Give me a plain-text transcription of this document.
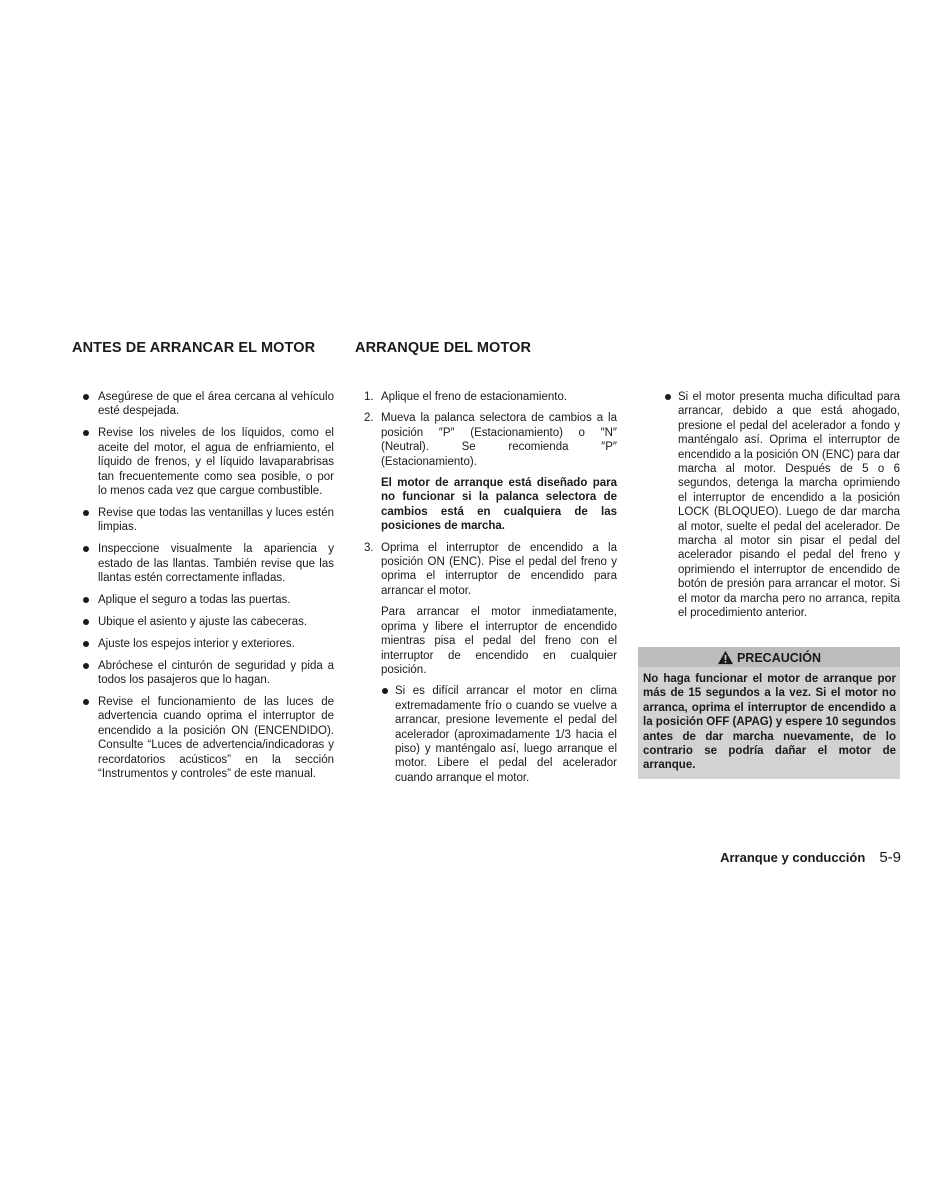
ANTES DE ARRANCAR EL MOTOR	ARRANQUE DEL MOTOR
Asegúrese de que el área cercana al vehículo esté despejada.
Revise los niveles de los líquidos, como el aceite del motor, el agua de enfriamiento, el líquido de frenos, y el líquido lavaparabrisas tan frecuentemente como sea posible, o por lo menos cada vez que cargue combustible.
Revise que todas las ventanillas y luces estén limpias.
Inspeccione visualmente la apariencia y estado de las llantas. También revise que las llantas estén correctamente infladas.
Aplique el seguro a todas las puertas.
Ubique el asiento y ajuste las cabeceras.
Ajuste los espejos interior y exteriores.
Abróchese el cinturón de seguridad y pida a todos los pasajeros que lo hagan.
Revise el funcionamiento de las luces de advertencia cuando oprima el interruptor de encendido a la posición ON (ENCENDIDO). Consulte “Luces de advertencia/indicadoras y recordatorios acústicos” en la sección “Instrumentos y controles” de este manual.
1. Aplique el freno de estacionamiento.

2. Mueva la palanca selectora de cambios a la posición ″P″ (Estacionamiento) o ″N″ (Neutral). Se recomienda ″P″ (Estacionamiento).

El motor de arranque está diseñado para no funcionar si la palanca selectora de cambios está en cualquiera de las posiciones de marcha.

3. Oprima el interruptor de encendido a la posición ON (ENC). Pise el pedal del freno y oprima el interruptor de encendido para arrancar el motor.

Para arrancar el motor inmediatamente, oprima y libere el interruptor de encendido mientras pisa el pedal del freno con el interruptor de encendido en cualquier posición.

Si es difícil arrancar el motor en clima extremadamente frío o cuando se vuelve a arrancar, presione levemente el pedal del acelerador (aproximadamente 1/3 hacia el piso) y manténgalo así, luego arranque el motor. Libere el pedal del acelerador cuando arranque el motor.
Si el motor presenta mucha dificultad para arrancar, debido a que está ahogado, presione el pedal del acelerador a fondo y manténgalo así. Oprima el interruptor de encendido a la posición ON (ENC) para dar marcha al motor. Después de 5 o 6 segundos, detenga la marcha oprimiendo el interruptor de encendido a la posición LOCK (BLOQUEO). Luego de dar marcha al motor, suelte el pedal del acelerador. De marcha al motor sin pisar el pedal del acelerador pisando el pedal del freno y oprimiendo el interruptor de encendido de botón de presión para arrancar el motor. Si el motor da marcha pero no arranca, repita el procedimiento anterior.
PRECAUCIÓN
No haga funcionar el motor de arranque por más de 15 segundos a la vez. Si el motor no arranca, oprima el interruptor de encendido a la posición OFF (APAG) y espere 10 segundos antes de dar marcha nuevamente, de lo contrario se podría dañar el motor de arranque.
Arranque y conducción 5-9
